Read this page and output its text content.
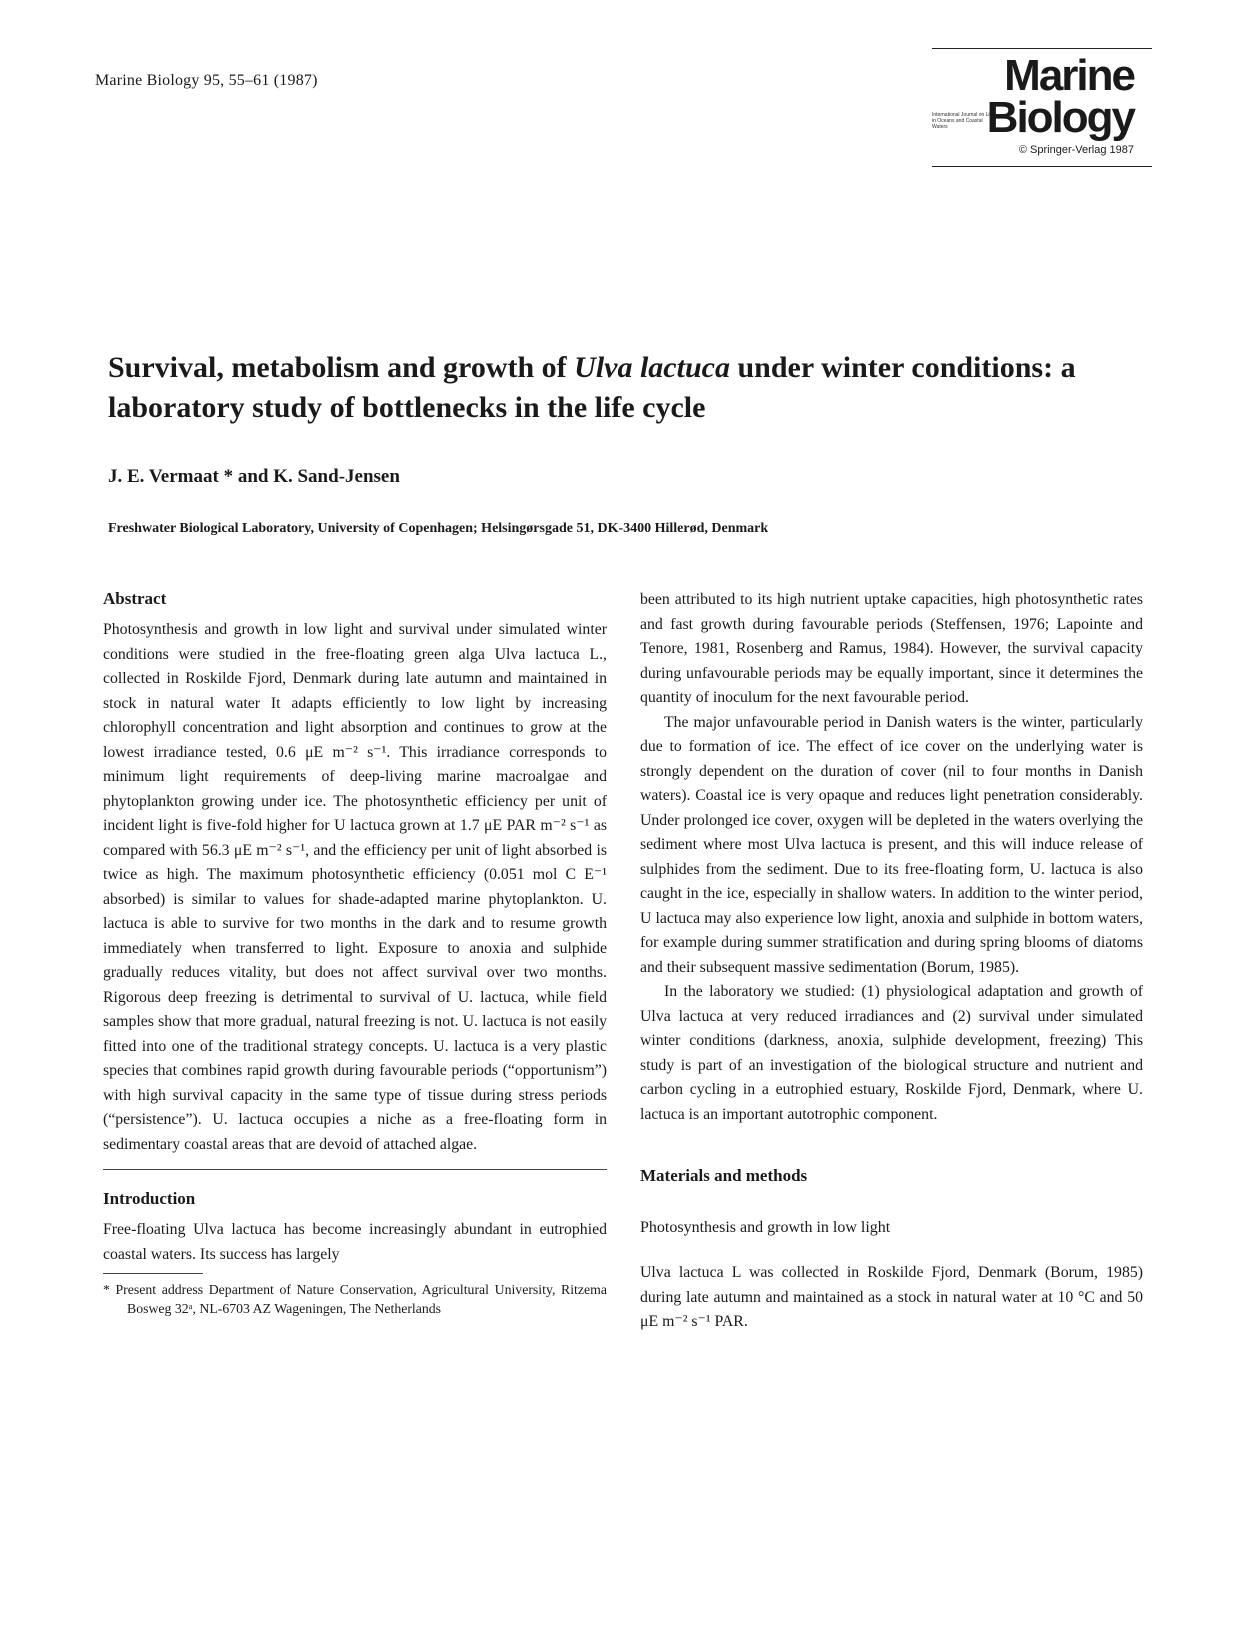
Marine Biology 95, 55–61 (1987)	Marine
International Journal on Life in Oceans and Coastal Waters Biology
© Springer-Verlag 1987
Survival, metabolism and growth of Ulva lactuca under winter conditions: a laboratory study of bottlenecks in the life cycle
J. E. Vermaat * and K. Sand-Jensen
Freshwater Biological Laboratory, University of Copenhagen; Helsingørsgade 51, DK-3400 Hillerød, Denmark
Abstract

Photosynthesis and growth in low light and survival under simulated winter conditions were studied in the free-floating green alga Ulva lactuca L., collected in Roskilde Fjord, Denmark during late autumn and maintained in stock in natural water It adapts efficiently to low light by increasing chlorophyll concentration and light absorption and continues to grow at the lowest irradiance tested, 0.6 μE m⁻² s⁻¹. This irradiance corresponds to minimum light requirements of deep-living marine macroalgae and phytoplankton growing under ice. The photosynthetic efficiency per unit of incident light is five-fold higher for U lactuca grown at 1.7 μE PAR m⁻² s⁻¹ as compared with 56.3 μE m⁻² s⁻¹, and the efficiency per unit of light absorbed is twice as high. The maximum photosynthetic efficiency (0.051 mol C E⁻¹ absorbed) is similar to values for shade-adapted marine phytoplankton. U. lactuca is able to survive for two months in the dark and to resume growth immediately when transferred to light. Exposure to anoxia and sulphide gradually reduces vitality, but does not affect survival over two months. Rigorous deep freezing is detrimental to survival of U. lactuca, while field samples show that more gradual, natural freezing is not. U. lactuca is not easily fitted into one of the traditional strategy concepts. U. lactuca is a very plastic species that combines rapid growth during favourable periods (“opportunism”) with high survival capacity in the same type of tissue during stress periods (“persistence”). U. lactuca occupies a niche as a free-floating form in sedimentary coastal areas that are devoid of attached algae.

Introduction

Free-floating Ulva lactuca has become increasingly abundant in eutrophied coastal waters. Its success has largely

* Present address Department of Nature Conservation, Agricultural University, Ritzema Bosweg 32ᵃ, NL-6703 AZ Wageningen, The Netherlands

been attributed to its high nutrient uptake capacities, high photosynthetic rates and fast growth during favourable periods (Steffensen, 1976; Lapointe and Tenore, 1981, Rosenberg and Ramus, 1984). However, the survival capacity during unfavourable periods may be equally important, since it determines the quantity of inoculum for the next favourable period.

The major unfavourable period in Danish waters is the winter, particularly due to formation of ice. The effect of ice cover on the underlying water is strongly dependent on the duration of cover (nil to four months in Danish waters). Coastal ice is very opaque and reduces light penetration considerably. Under prolonged ice cover, oxygen will be depleted in the waters overlying the sediment where most Ulva lactuca is present, and this will induce release of sulphides from the sediment. Due to its free-floating form, U. lactuca is also caught in the ice, especially in shallow waters. In addition to the winter period, U lactuca may also experience low light, anoxia and sulphide in bottom waters, for example during summer stratification and during spring blooms of diatoms and their subsequent massive sedimentation (Borum, 1985).

In the laboratory we studied: (1) physiological adaptation and growth of Ulva lactuca at very reduced irradiances and (2) survival under simulated winter conditions (darkness, anoxia, sulphide development, freezing) This study is part of an investigation of the biological structure and nutrient and carbon cycling in a eutrophied estuary, Roskilde Fjord, Denmark, where U. lactuca is an important autotrophic component.

Materials and methods
Photosynthesis and growth in low light

Ulva lactuca L was collected in Roskilde Fjord, Denmark (Borum, 1985) during late autumn and maintained as a stock in natural water at 10 °C and 50 μE m⁻² s⁻¹ PAR.
